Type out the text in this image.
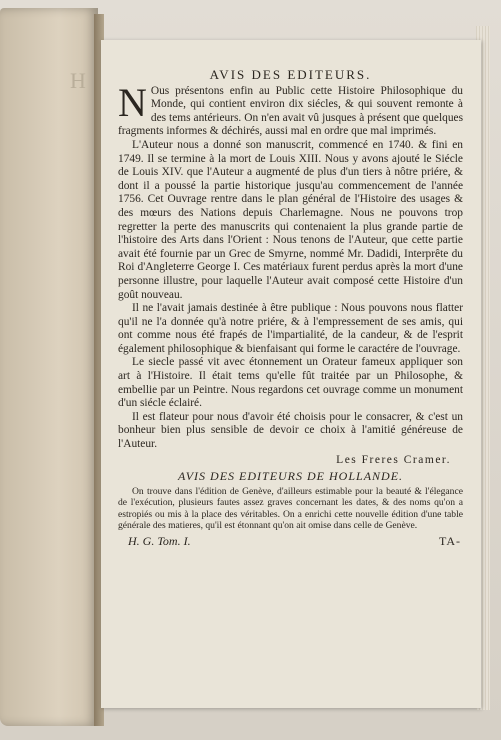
H	AVIS DES EDITEURS.

N Ous présentons enfin au Public cette Histoire Philosophique du Monde, qui contient environ dix siécles, & qui souvent remonte à des tems antérieurs. On n'en avait vû jusques à présent que quelques fragments informes & déchirés, aussi mal en ordre que mal imprimés.

L'Auteur nous a donné son manuscrit, commencé en 1740. & fini en 1749. Il se termine à la mort de Louis XIII. Nous y avons ajouté le Siécle de Louis XIV. que l'Auteur a augmenté de plus d'un tiers à nôtre priére, & dont il a poussé la partie historique jusqu'au commencement de l'année 1756. Cet Ouvrage rentre dans le plan général de l'Histoire des usages & des mœurs des Nations depuis Charlemagne. Nous ne pouvons trop regretter la perte des manuscrits qui contenaient la plus grande partie de l'histoire des Arts dans l'Orient : Nous tenons de l'Auteur, que cette partie avait été fournie par un Grec de Smyrne, nommé Mr. Dadidi, Interprête du Roi d'Angleterre George I. Ces matériaux furent perdus après la mort d'une personne illustre, pour laquelle l'Auteur avait composé cette Histoire d'un goût nouveau.

Il ne l'avait jamais destinée à être publique : Nous pouvons nous flatter qu'il ne l'a donnée qu'à notre priére, & à l'empressement de ses amis, qui ont comme nous été frapés de l'impartialité, de la candeur, & de l'esprit également philosophique & bienfaisant qui forme le caractére de l'ouvrage.

Le siecle passé vit avec étonnement un Orateur fameux appliquer son art à l'Histoire. Il était tems qu'elle fût traitée par un Philosophe, & embellie par un Peintre. Nous regardons cet ouvrage comme un monument d'un siécle éclairé.

Il est flateur pour nous d'avoir été choisis pour le consacrer, & c'est un bonheur bien plus sensible de devoir ce choix à l'amitié généreuse de l'Auteur.

Les Freres Cramer.
AVIS DES EDITEURS DE HOLLANDE.

On trouve dans l'édition de Genève, d'ailleurs estimable pour la beauté & l'élegance de l'exécution, plusieurs fautes assez graves concernant les dates, & des noms qu'on a estropiés ou mis à la place des véritables. On a enrichi cette nouvelle édition d'une table générale des matieres, qu'il est étonnant qu'on ait omise dans celle de Genève.

H. G. Tom. I.	TA-
